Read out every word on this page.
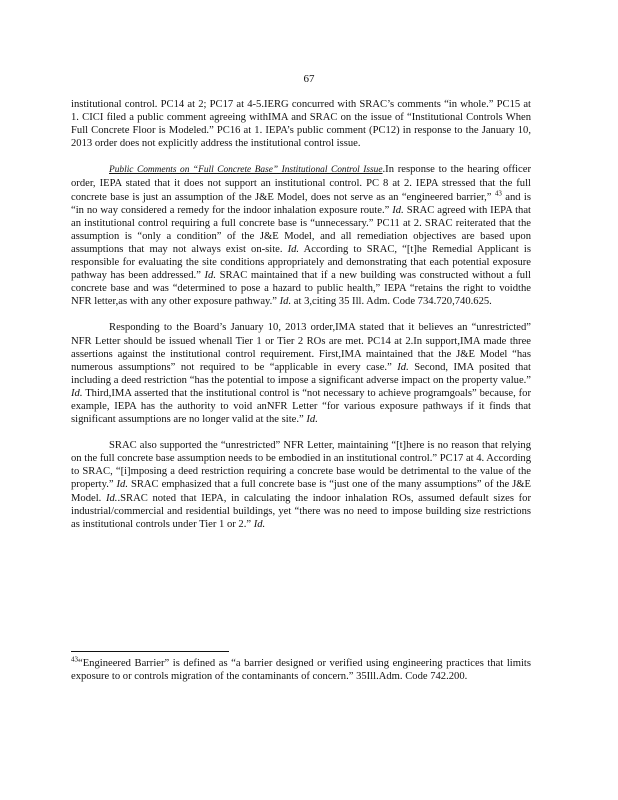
67

institutional control. PC14 at 2; PC17 at 4-5.IERG concurred with SRAC’s comments “in whole.” PC15 at 1. CICI filed a public comment agreeing withIMA and SRAC on the issue of “Institutional Controls When Full Concrete Floor is Modeled.” PC16 at 1. IEPA’s public comment (PC12) in response to the January 10, 2013 order does not explicitly address the institutional control issue.

Public Comments on “Full Concrete Base” Institutional Control Issue.In response to the hearing officer order, IEPA stated that it does not support an institutional control. PC 8 at 2. IEPA stressed that the full concrete base is just an assumption of the J&E Model, does not serve as an “engineered barrier,” $^{43}$ and is “in no way considered a remedy for the indoor inhalation exposure route.” Id. SRAC agreed with IEPA that an institutional control requiring a full concrete base is “unnecessary.” PC11 at 2. SRAC reiterated that the assumption is “only a condition” of the J&E Model, and all remediation objectives are based upon assumptions that may not always exist on-site. Id. According to SRAC, “[t]he Remedial Applicant is responsible for evaluating the site conditions appropriately and demonstrating that each potential exposure pathway has been addressed.” Id. SRAC maintained that if a new building was constructed without a full concrete base and was “determined to pose a hazard to public health,” IEPA “retains the right to voidthe NFR letter,as with any other exposure pathway.” Id. at 3,citing 35 Ill. Adm. Code 734.720,740.625.

Responding to the Board’s January 10, 2013 order,IMA stated that it believes an “unrestricted” NFR Letter should be issued whenall Tier 1 or Tier 2 ROs are met. PC14 at 2.In support,IMA made three assertions against the institutional control requirement. First,IMA maintained that the J&E Model “has numerous assumptions” not required to be “applicable in every case.” Id. Second, IMA posited that including a deed restriction “has the potential to impose a significant adverse impact on the property value.” Id. Third,IMA asserted that the institutional control is “not necessary to achieve programgoals” because, for example, IEPA has the authority to void anNFR Letter “for various exposure pathways if it finds that significant assumptions are no longer valid at the site.” Id.

SRAC also supported the “unrestricted” NFR Letter, maintaining “[t]here is no reason that relying on the full concrete base assumption needs to be embodied in an institutional control.” PC17 at 4. According to SRAC, “[i]mposing a deed restriction requiring a concrete base would be detrimental to the value of the property.” Id. SRAC emphasized that a full concrete base is “just one of the many assumptions” of the J&E Model. Id..SRAC noted that IEPA, in calculating the indoor inhalation ROs, assumed default sizes for industrial/commercial and residential buildings, yet “there was no need to impose building size restrictions as institutional controls under Tier 1 or 2.” Id.

$^{43}$“Engineered Barrier” is defined as “a barrier designed or verified using engineering practices that limits exposure to or controls migration of the contaminants of concern.” 35Ill.Adm. Code 742.200.
